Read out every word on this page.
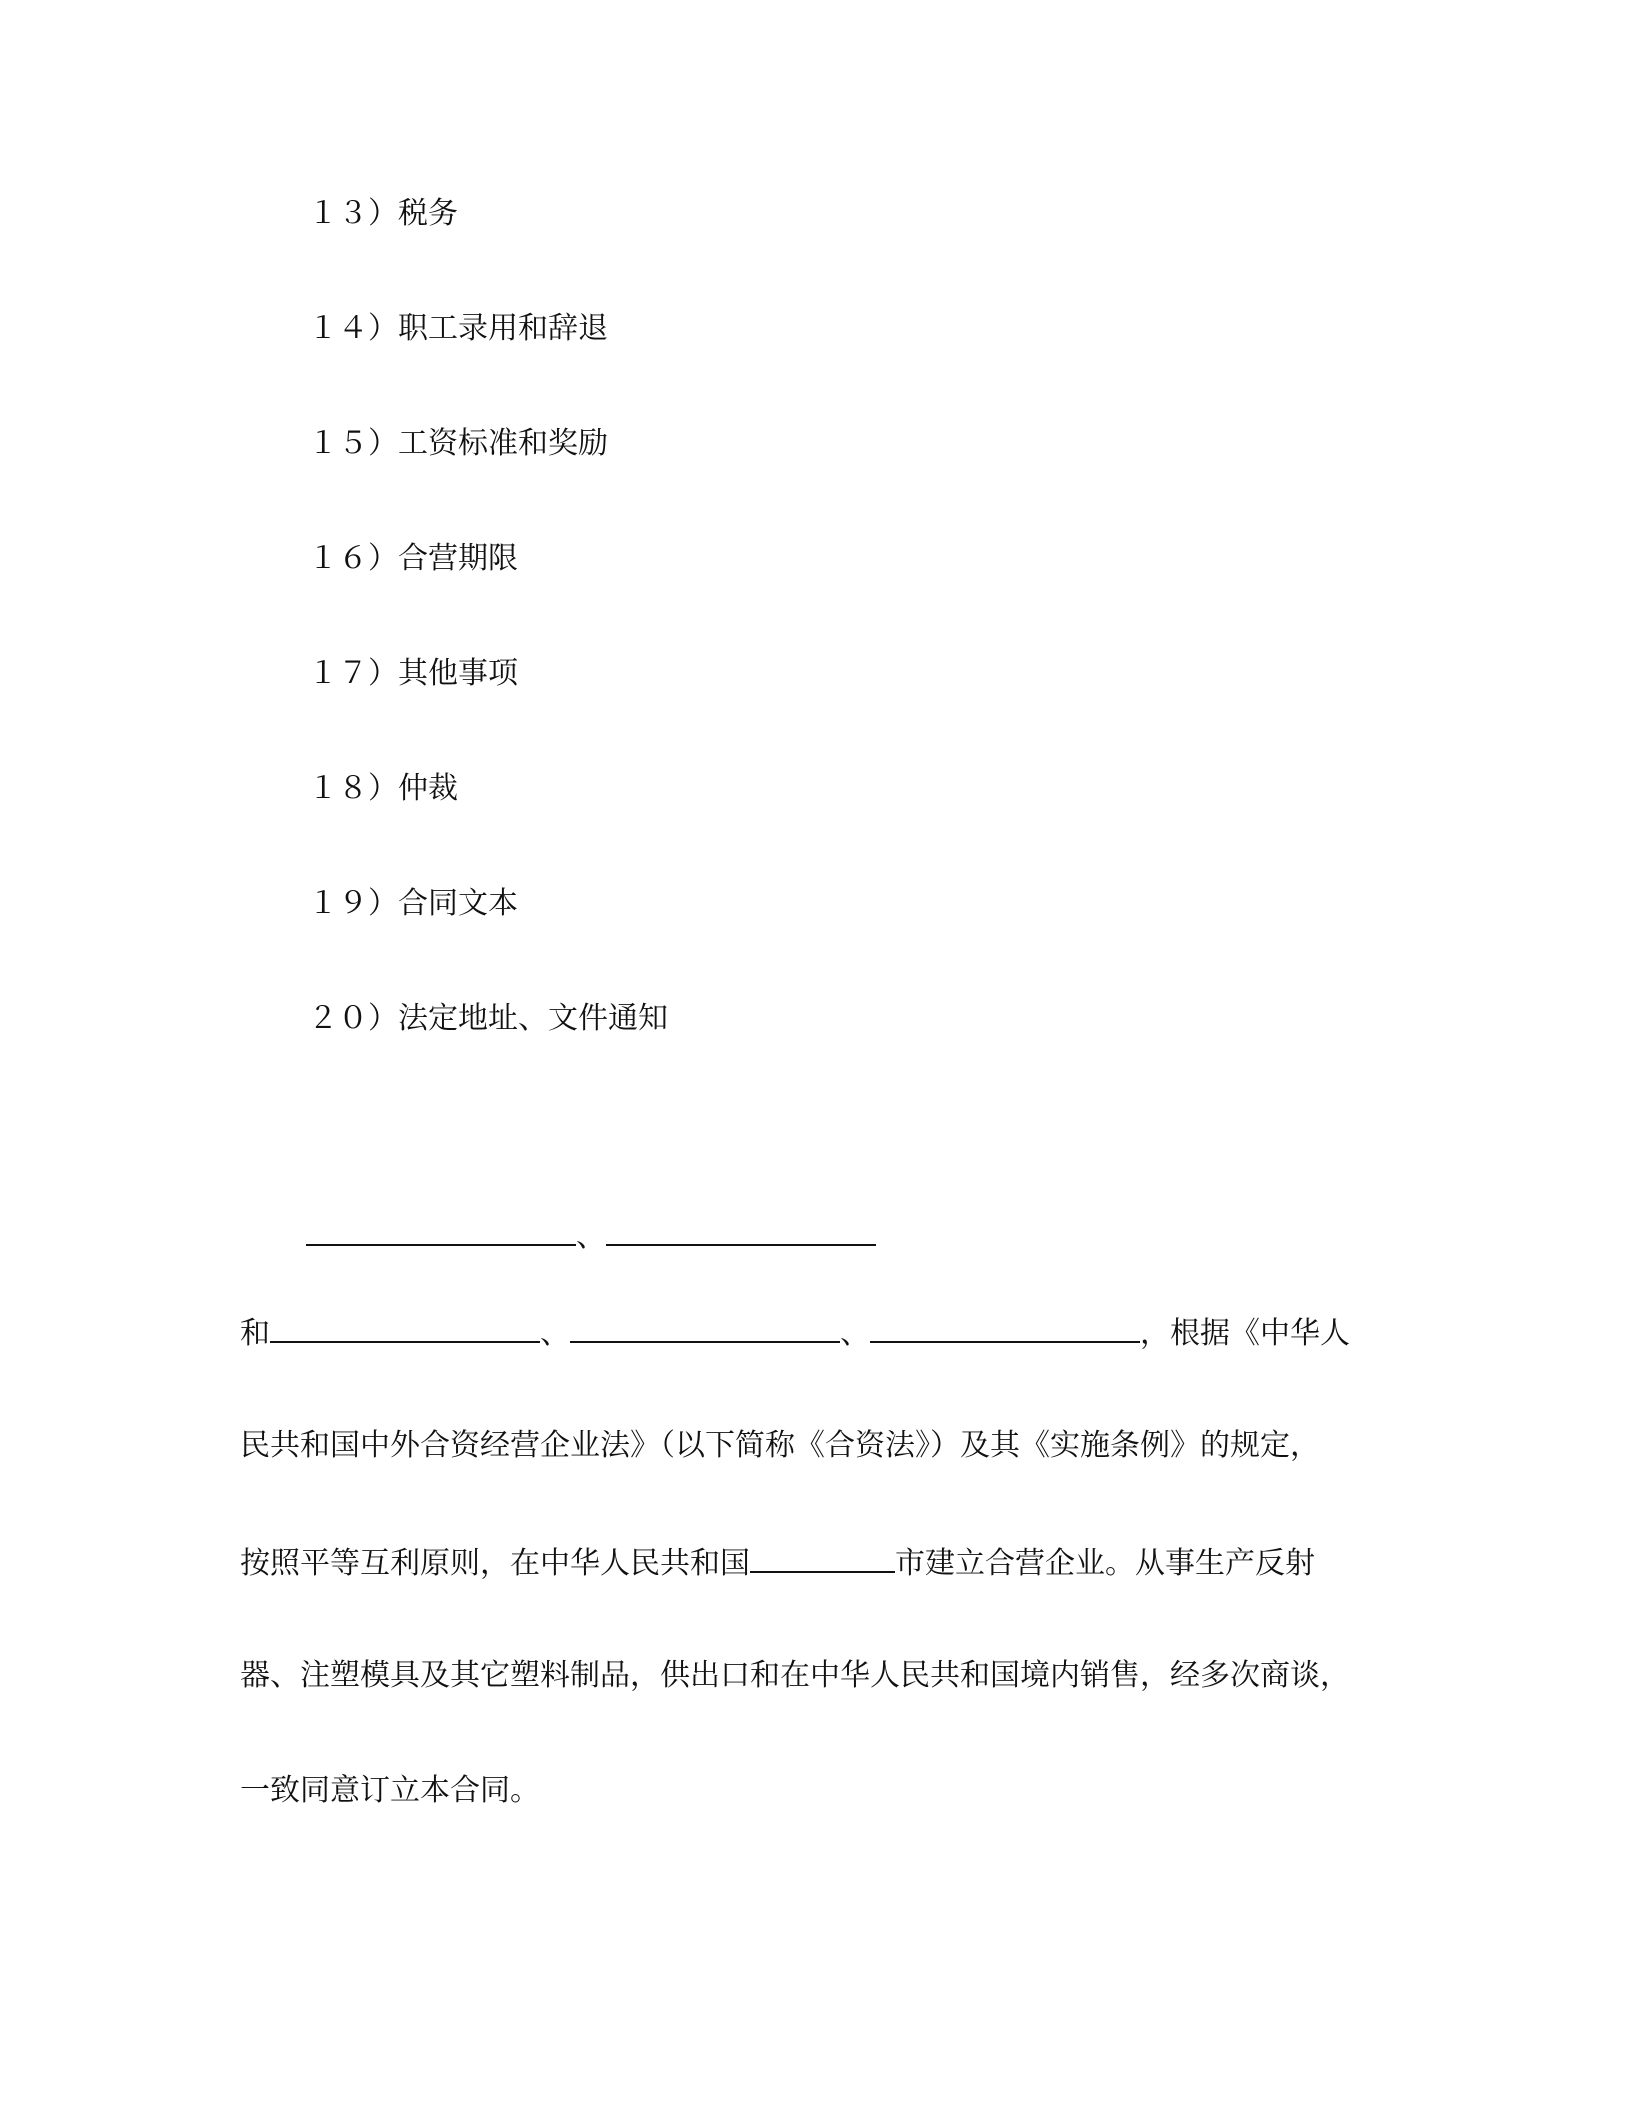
１３）税务
１４）职工录用和辞退
１５）工资标准和奖励
１６）合营期限
１７）其他事项
１８）仲裁
１９）合同文本
２０）法定地址、文件通知
、
和	、	、	，根据《中华人
民共和国中外合资经营企业法》（以下简称《合资法》）及其《实施条例》的规定，
按照平等互利原则，在中华人民共和国	市建立合营企业。从事生产反射
器、注塑模具及其它塑料制品，供出口和在中华人民共和国境内销售，经多次商谈，
一致同意订立本合同。
